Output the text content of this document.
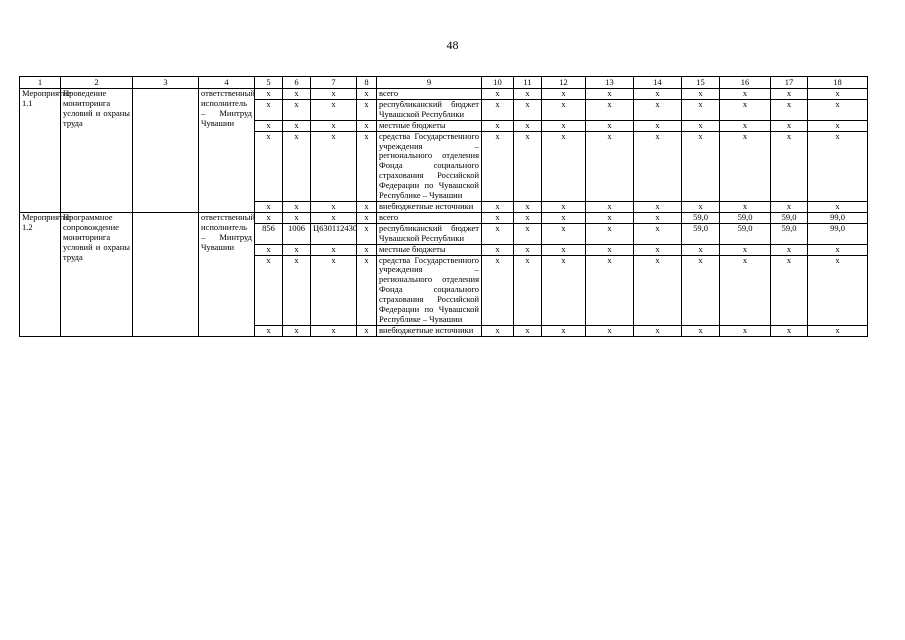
48
1	2	3	4	5	6	7	8	9	10	11	12	13	14	15	16	17	18
Мероприятие 1.1	Проведение мониторинга условий и охраны труда		ответственный исполнитель – Минтруд Чувашии	x	x	x	x	всего	x	x	x	x	x	x	x	x	x
				x	x	x	x	республиканский бюджет Чувашской Республики	x	x	x	x	x	x	x	x	x
				x	x	x	x	местные бюджеты	x	x	x	x	x	x	x	x	x
				x	x	x	x	средства Государственного учреждения – регионального отделения Фонда социального страхования Российской Федерации по Чувашской Республике – Чувашии	x	x	x	x	x	x	x	x	x
				x	x	x	x	внебюджетные источники	x	x	x	x	x	x	x	x	x
Мероприятие 1.2	Программное сопровождение мониторинга условий и охраны труда		ответственный исполнитель – Минтруд Чувашии	x	x	x	x	всего	x	x	x	x	x	59,0	59,0	59,0	99,0
				856	1006	Ц630112430	x	республиканский бюджет Чувашской Республики	x	x	x	x	x	59,0	59,0	59,0	99,0
				x	x	x	x	местные бюджеты	x	x	x	x	x	x	x	x	x
				x	x	x	x	средства Государственного учреждения – регионального отделения Фонда социального страхования Российской Федерации по Чувашской Республике – Чувашии	x	x	x	x	x	x	x	x	x
				x	x	x	x	внебюджетные источники	x	x	x	x	x	x	x	x	x
